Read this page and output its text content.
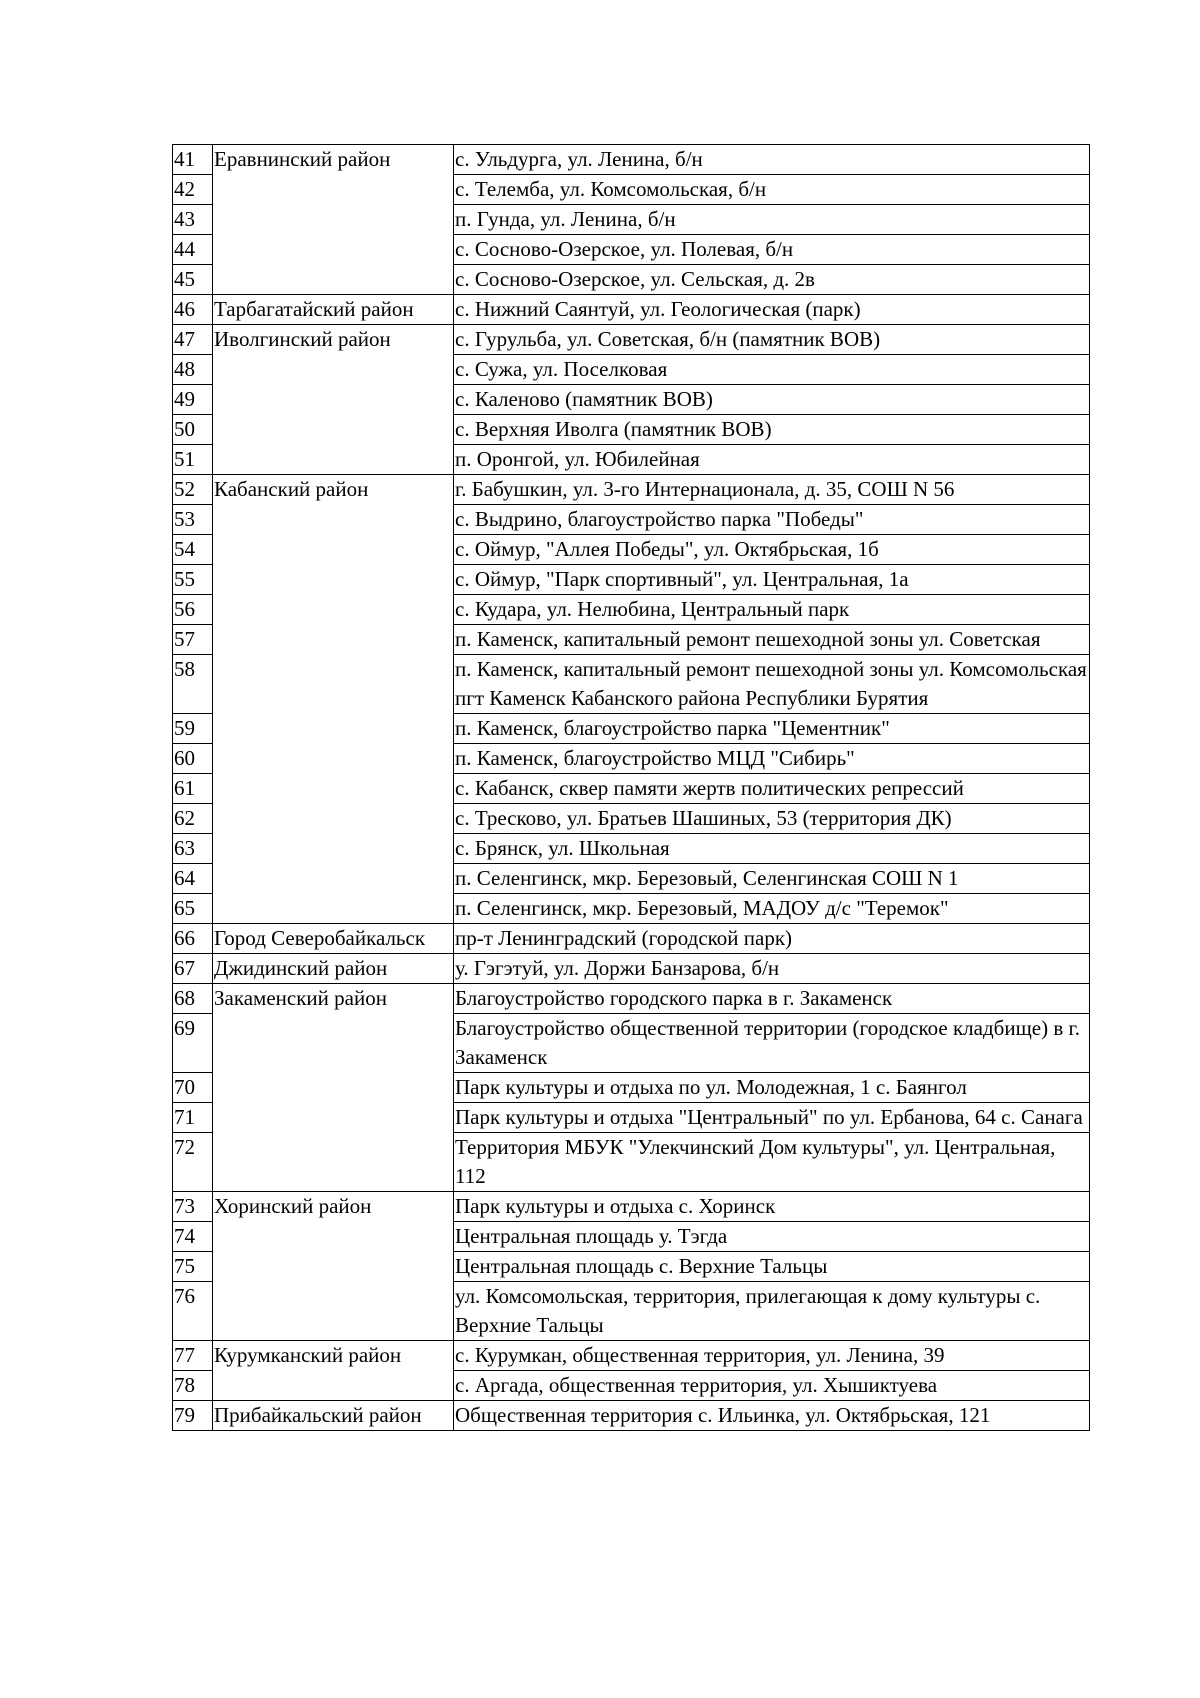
41	Еравнинский район	с. Ульдурга, ул. Ленина, б/н
42		с. Телемба, ул. Комсомольская, б/н
43		п. Гунда, ул. Ленина, б/н
44		с. Сосново-Озерское, ул. Полевая, б/н
45		с. Сосново-Озерское, ул. Сельская, д. 2в
46	Тарбагатайский район	с. Нижний Саянтуй, ул. Геологическая (парк)
47	Иволгинский район	с. Гурульба, ул. Советская, б/н (памятник ВОВ)
48		с. Сужа, ул. Поселковая
49		с. Каленово (памятник ВОВ)
50		с. Верхняя Иволга (памятник ВОВ)
51		п. Оронгой, ул. Юбилейная
52	Кабанский район	г. Бабушкин, ул. 3-го Интернационала, д. 35, СОШ N 56
53		с. Выдрино, благоустройство парка "Победы"
54		с. Оймур, "Аллея Победы", ул. Октябрьская, 1б
55		с. Оймур, "Парк спортивный", ул. Центральная, 1а
56		с. Кудара, ул. Нелюбина, Центральный парк
57		п. Каменск, капитальный ремонт пешеходной зоны ул. Советская
58		п. Каменск, капитальный ремонт пешеходной зоны ул. Комсомольская пгт Каменск Кабанского района Республики Бурятия
59		п. Каменск, благоустройство парка "Цементник"
60		п. Каменск, благоустройство МЦД "Сибирь"
61		с. Кабанск, сквер памяти жертв политических репрессий
62		с. Тресково, ул. Братьев Шашиных, 53 (территория ДК)
63		с. Брянск, ул. Школьная
64		п. Селенгинск, мкр. Березовый, Селенгинская СОШ N 1
65		п. Селенгинск, мкр. Березовый, МАДОУ д/с "Теремок"
66	Город Северобайкальск	пр-т Ленинградский (городской парк)
67	Джидинский район	у. Гэгэтуй, ул. Доржи Банзарова, б/н
68	Закаменский район	Благоустройство городского парка в г. Закаменск
69		Благоустройство общественной территории (городское кладбище) в г. Закаменск
70		Парк культуры и отдыха по ул. Молодежная, 1 с. Баянгол
71		Парк культуры и отдыха "Центральный" по ул. Ербанова, 64 с. Санага
72		Территория МБУК "Улекчинский Дом культуры", ул. Центральная, 112
73	Хоринский район	Парк культуры и отдыха с. Хоринск
74		Центральная площадь у. Тэгда
75		Центральная площадь с. Верхние Тальцы
76		ул. Комсомольская, территория, прилегающая к дому культуры с. Верхние Тальцы
77	Курумканский район	с. Курумкан, общественная территория, ул. Ленина, 39
78		с. Аргада, общественная территория, ул. Хышиктуева
79	Прибайкальский район	Общественная территория с. Ильинка, ул. Октябрьская, 121
